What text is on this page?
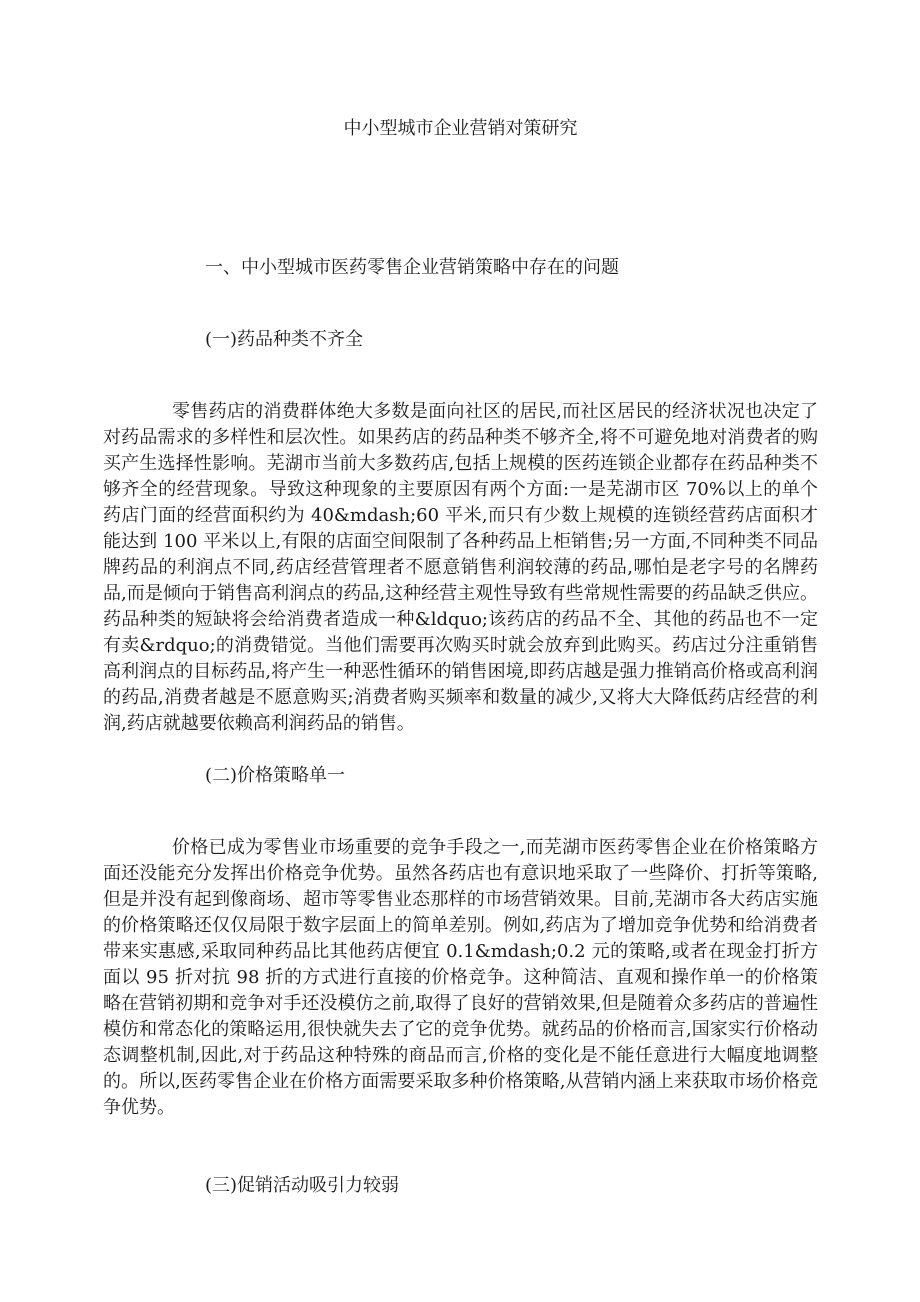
中小型城市企业营销对策研究
一、中小型城市医药零售企业营销策略中存在的问题
(一)药品种类不齐全
零售药店的消费群体绝大多数是面向社区的居民,而社区居民的经济状况也决定了对药品需求的多样性和层次性。如果药店的药品种类不够齐全,将不可避免地对消费者的购买产生选择性影响。芜湖市当前大多数药店,包括上规模的医药连锁企业都存在药品种类不够齐全的经营现象。导致这种现象的主要原因有两个方面:一是芜湖市区 70%以上的单个药店门面的经营面积约为 40&mdash;60 平米,而只有少数上规模的连锁经营药店面积才能达到 100 平米以上,有限的店面空间限制了各种药品上柜销售;另一方面,不同种类不同品牌药品的利润点不同,药店经营管理者不愿意销售利润较薄的药品,哪怕是老字号的名牌药品,而是倾向于销售高利润点的药品,这种经营主观性导致有些常规性需要的药品缺乏供应。药品种类的短缺将会给消费者造成一种&ldquo;该药店的药品不全、其他的药品也不一定有卖&rdquo;的消费错觉。当他们需要再次购买时就会放弃到此购买。药店过分注重销售高利润点的目标药品,将产生一种恶性循环的销售困境,即药店越是强力推销高价格或高利润的药品,消费者越是不愿意购买;消费者购买频率和数量的减少,又将大大降低药店经营的利润,药店就越要依赖高利润药品的销售。
(二)价格策略单一
价格已成为零售业市场重要的竞争手段之一,而芜湖市医药零售企业在价格策略方面还没能充分发挥出价格竞争优势。虽然各药店也有意识地采取了一些降价、打折等策略,但是并没有起到像商场、超市等零售业态那样的市场营销效果。目前,芜湖市各大药店实施的价格策略还仅仅局限于数字层面上的简单差别。例如,药店为了增加竞争优势和给消费者带来实惠感,采取同种药品比其他药店便宜 0.1&mdash;0.2 元的策略,或者在现金打折方面以 95 折对抗 98 折的方式进行直接的价格竞争。这种简洁、直观和操作单一的价格策略在营销初期和竞争对手还没模仿之前,取得了良好的营销效果,但是随着众多药店的普遍性模仿和常态化的策略运用,很快就失去了它的竞争优势。就药品的价格而言,国家实行价格动态调整机制,因此,对于药品这种特殊的商品而言,价格的变化是不能任意进行大幅度地调整的。所以,医药零售企业在价格方面需要采取多种价格策略,从营销内涵上来获取市场价格竞争优势。
(三)促销活动吸引力较弱
